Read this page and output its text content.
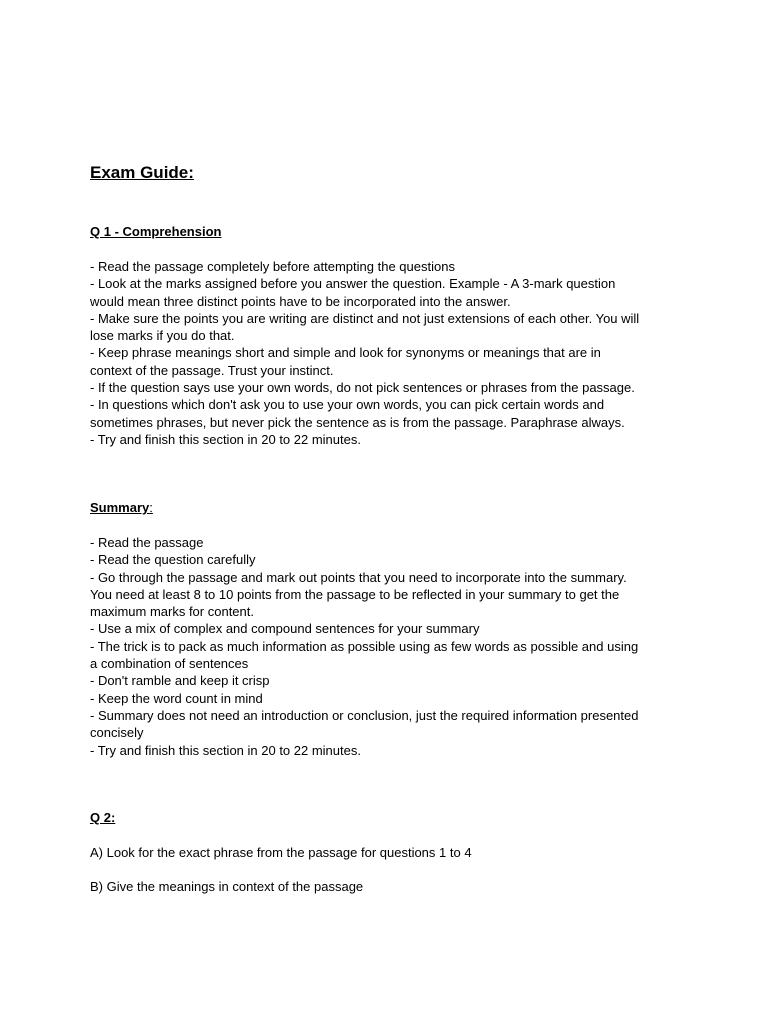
Exam Guide:
Q 1 - Comprehension
- Read the passage completely before attempting the questions
- Look at the marks assigned before you answer the question. Example - A 3-mark question
would mean three distinct points have to be incorporated into the answer.
- Make sure the points you are writing are distinct and not just extensions of each other. You will
lose marks if you do that.
- Keep phrase meanings short and simple and look for synonyms or meanings that are in
context of the passage. Trust your instinct.
- If the question says use your own words, do not pick sentences or phrases from the passage.
- In questions which don't ask you to use your own words, you can pick certain words and
sometimes phrases, but never pick the sentence as is from the passage. Paraphrase always.
- Try and finish this section in 20 to 22 minutes.
Summary:
- Read the passage
- Read the question carefully
- Go through the passage and mark out points that you need to incorporate into the summary.
You need at least 8 to 10 points from the passage to be reflected in your summary to get the
maximum marks for content.
- Use a mix of complex and compound sentences for your summary
- The trick is to pack as much information as possible using as few words as possible and using
a combination of sentences
- Don't ramble and keep it crisp
- Keep the word count in mind
- Summary does not need an introduction or conclusion, just the required information presented
concisely
- Try and finish this section in 20 to 22 minutes.
Q 2:
A) Look for the exact phrase from the passage for questions 1 to 4
B) Give the meanings in context of the passage
